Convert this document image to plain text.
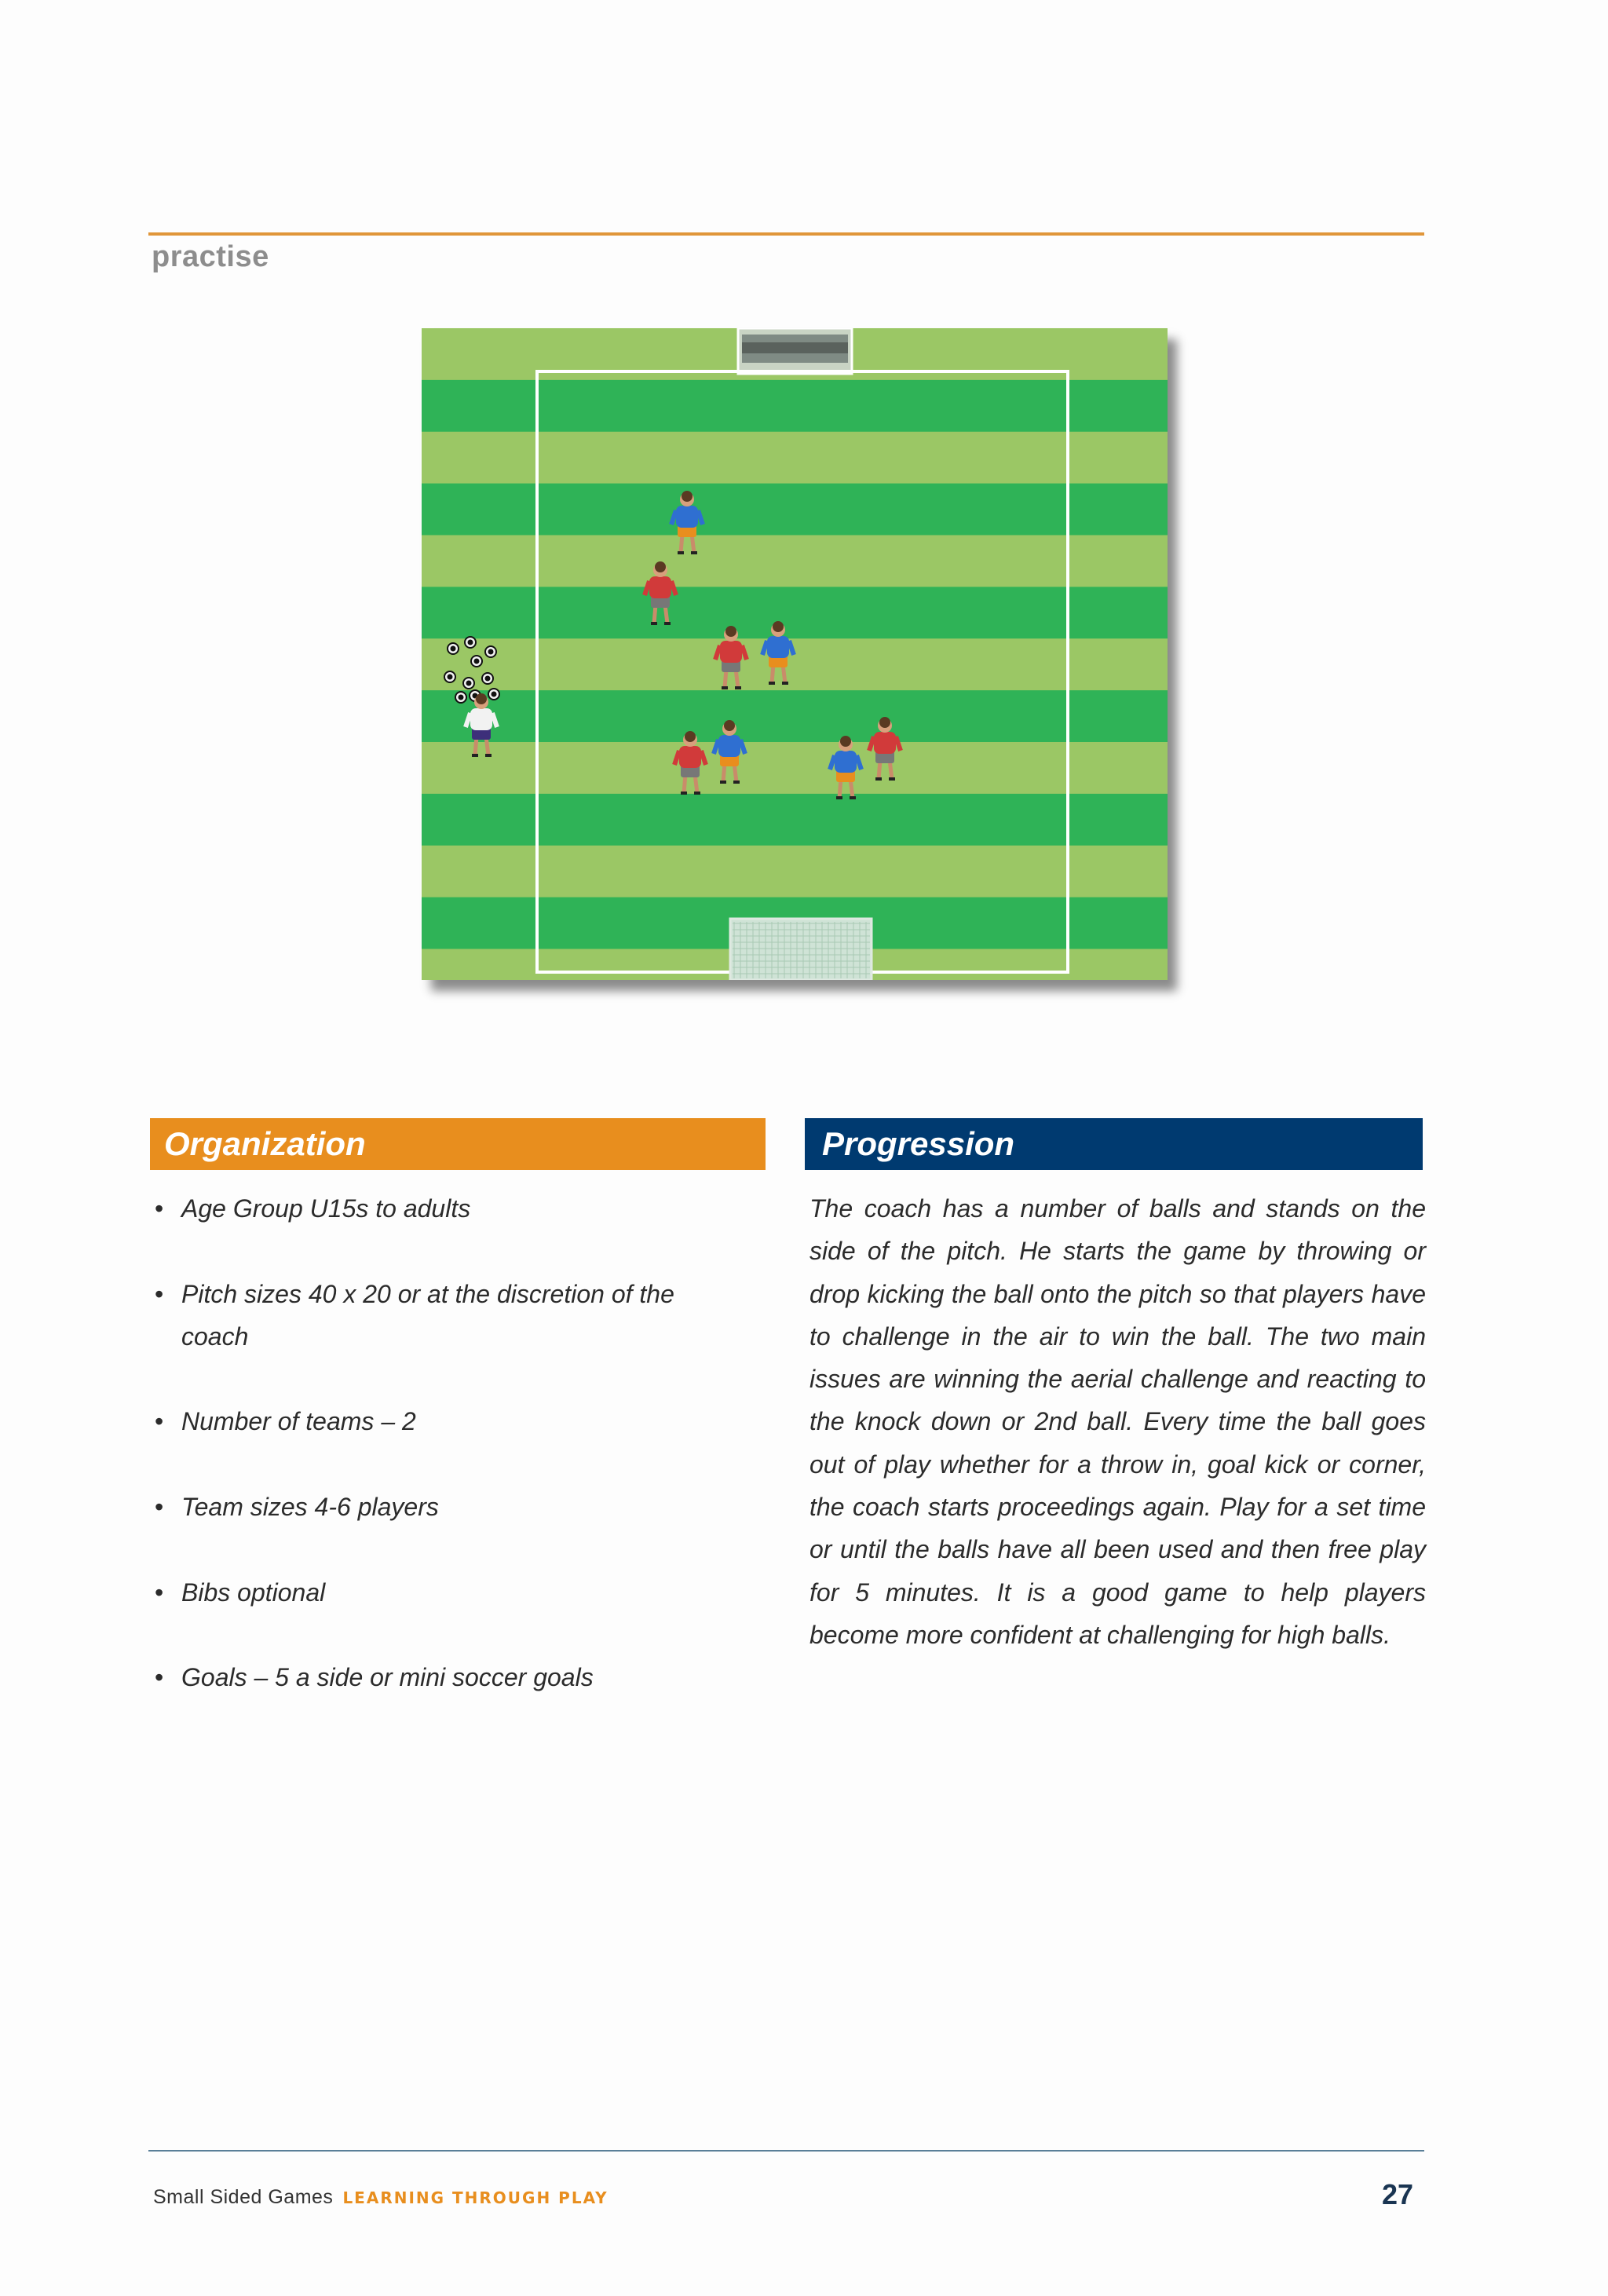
practise
Organization	Progression
• Age Group U15s to adults
• Pitch sizes 40 x 20 or at the discretion of the
coach
• Number of teams – 2
• Team sizes 4-6 players
• Bibs optional
• Goals – 5 a side or mini soccer goals

The coach has a number of balls and stands on the side of the pitch. He starts the game by throwing or drop kicking the ball onto the pitch so that players have to challenge in the air to win the ball. The two main issues are winning the aerial challenge and reacting to the knock down or 2nd ball. Every time the ball goes out of play whether for a throw in, goal kick or corner, the coach starts proceedings again. Play for a set time or until the balls have all been used and then free play for 5 minutes. It is a good game to help players become more confident at challenging for high balls.

Small Sided Games LEARNING THROUGH PLAY	27
